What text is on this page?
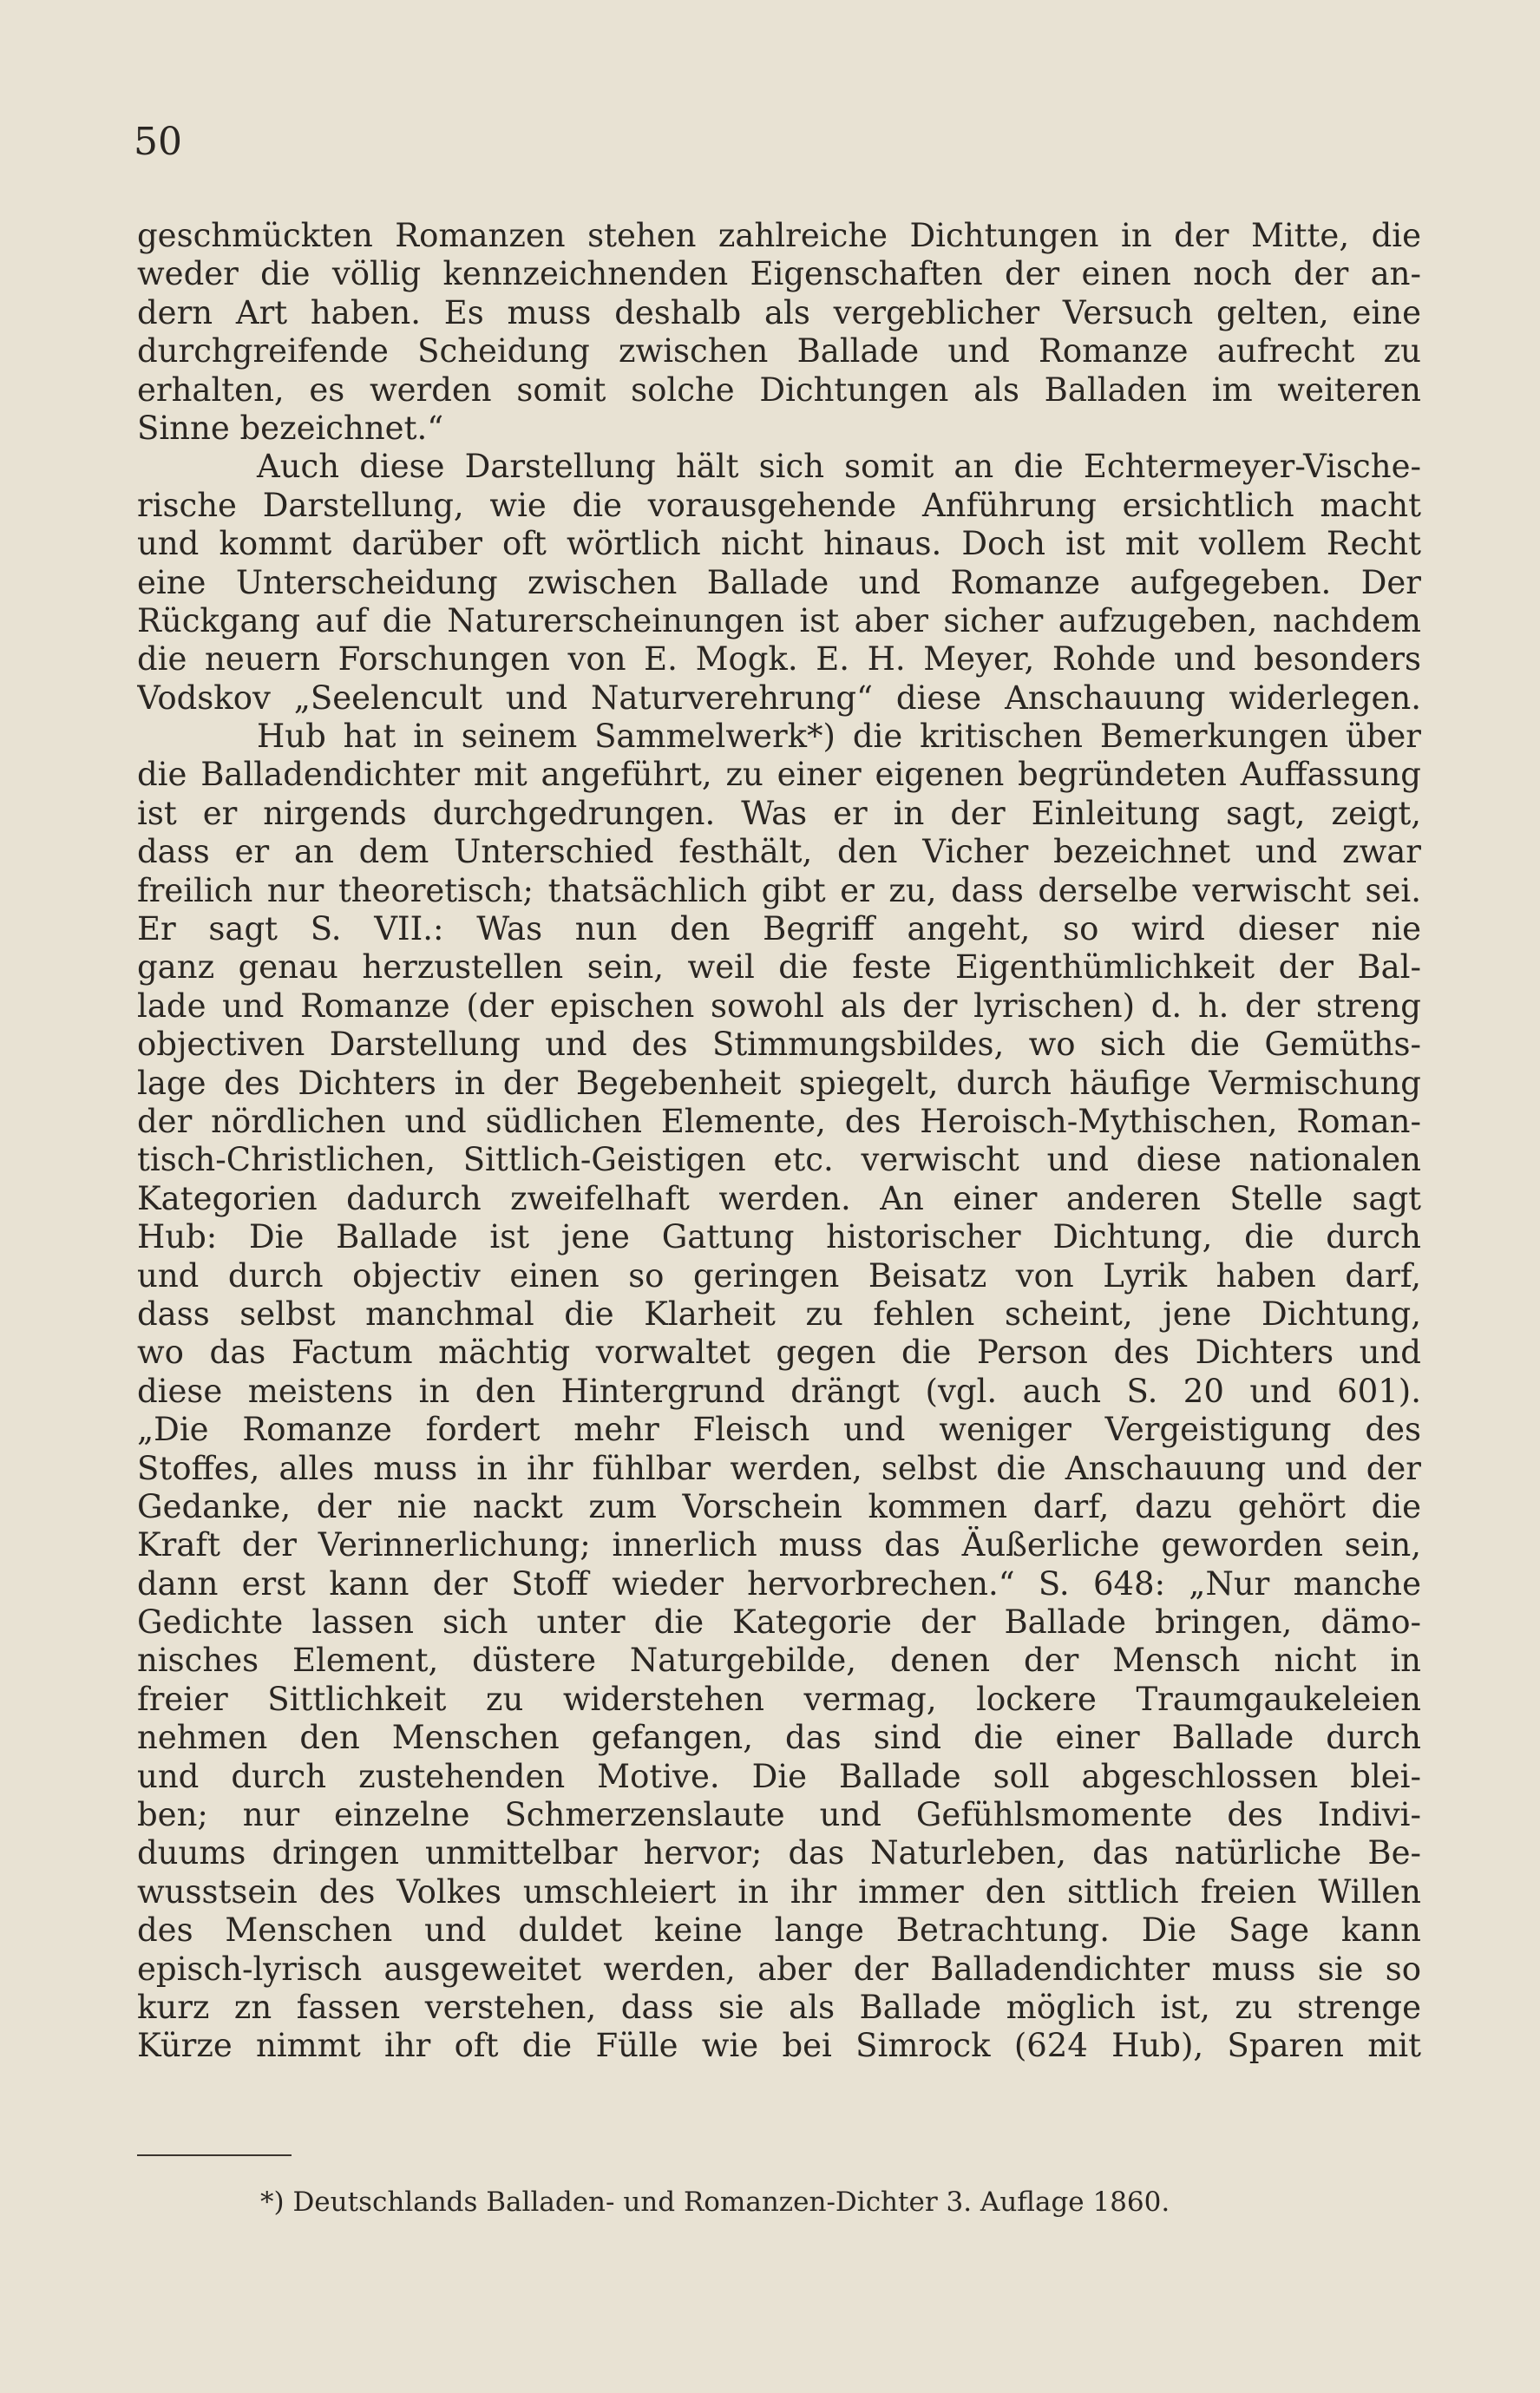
50
geschmückten Romanzen stehen zahlreiche Dichtungen in der Mitte, die
weder die völlig kennzeichnenden Eigenschaften der einen noch der an-
dern Art haben. Es muss deshalb als vergeblicher Versuch gelten, eine
durchgreifende Scheidung zwischen Ballade und Romanze aufrecht zu
erhalten, es werden somit solche Dichtungen als Balladen im weiteren
Sinne bezeichnet.“
Auch diese Darstellung hält sich somit an die Echtermeyer-Vische-
rische Darstellung, wie die vorausgehende Anführung ersichtlich macht
und kommt darüber oft wörtlich nicht hinaus. Doch ist mit vollem Recht
eine Unterscheidung zwischen Ballade und Romanze aufgegeben. Der
Rückgang auf die Naturerscheinungen ist aber sicher aufzugeben, nachdem
die neuern Forschungen von E. Mogk. E. H. Meyer, Rohde und besonders
Vodskov „Seelencult und Naturverehrung“ diese Anschauung widerlegen.
Hub hat in seinem Sammelwerk*) die kritischen Bemerkungen über
die Balladendichter mit angeführt, zu einer eigenen begründeten Auffassung
ist er nirgends durchgedrungen. Was er in der Einleitung sagt, zeigt,
dass er an dem Unterschied festhält, den Vicher bezeichnet und zwar
freilich nur theoretisch; thatsächlich gibt er zu, dass derselbe verwischt sei.
Er sagt S. VII.: Was nun den Begriff angeht, so wird dieser nie
ganz genau herzustellen sein, weil die feste Eigenthümlichkeit der Bal-
lade und Romanze (der epischen sowohl als der lyrischen) d. h. der streng
objectiven Darstellung und des Stimmungsbildes, wo sich die Gemüths-
lage des Dichters in der Begebenheit spiegelt, durch häufige Vermischung
der nördlichen und südlichen Elemente, des Heroisch-Mythischen, Roman-
tisch-Christlichen, Sittlich-Geistigen etc. verwischt und diese nationalen
Kategorien dadurch zweifelhaft werden. An einer anderen Stelle sagt
Hub: Die Ballade ist jene Gattung historischer Dichtung, die durch
und durch objectiv einen so geringen Beisatz von Lyrik haben darf,
dass selbst manchmal die Klarheit zu fehlen scheint, jene Dichtung,
wo das Factum mächtig vorwaltet gegen die Person des Dichters und
diese meistens in den Hintergrund drängt (vgl. auch S. 20 und 601).
„Die Romanze fordert mehr Fleisch und weniger Vergeistigung des
Stoffes, alles muss in ihr fühlbar werden, selbst die Anschauung und der
Gedanke, der nie nackt zum Vorschein kommen darf, dazu gehört die
Kraft der Verinnerlichung; innerlich muss das Äußerliche geworden sein,
dann erst kann der Stoff wieder hervorbrechen.“ S. 648: „Nur manche
Gedichte lassen sich unter die Kategorie der Ballade bringen, dämo-
nisches Element, düstere Naturgebilde, denen der Mensch nicht in
freier Sittlichkeit zu widerstehen vermag, lockere Traumgaukeleien
nehmen den Menschen gefangen, das sind die einer Ballade durch
und durch zustehenden Motive. Die Ballade soll abgeschlossen blei-
ben; nur einzelne Schmerzenslaute und Gefühlsmomente des Indivi-
duums dringen unmittelbar hervor; das Naturleben, das natürliche Be-
wusstsein des Volkes umschleiert in ihr immer den sittlich freien Willen
des Menschen und duldet keine lange Betrachtung. Die Sage kann
episch-lyrisch ausgeweitet werden, aber der Balladendichter muss sie so
kurz zn fassen verstehen, dass sie als Ballade möglich ist, zu strenge
Kürze nimmt ihr oft die Fülle wie bei Simrock (624 Hub), Sparen mit
*) Deutschlands Balladen- und Romanzen-Dichter 3. Auflage 1860.
